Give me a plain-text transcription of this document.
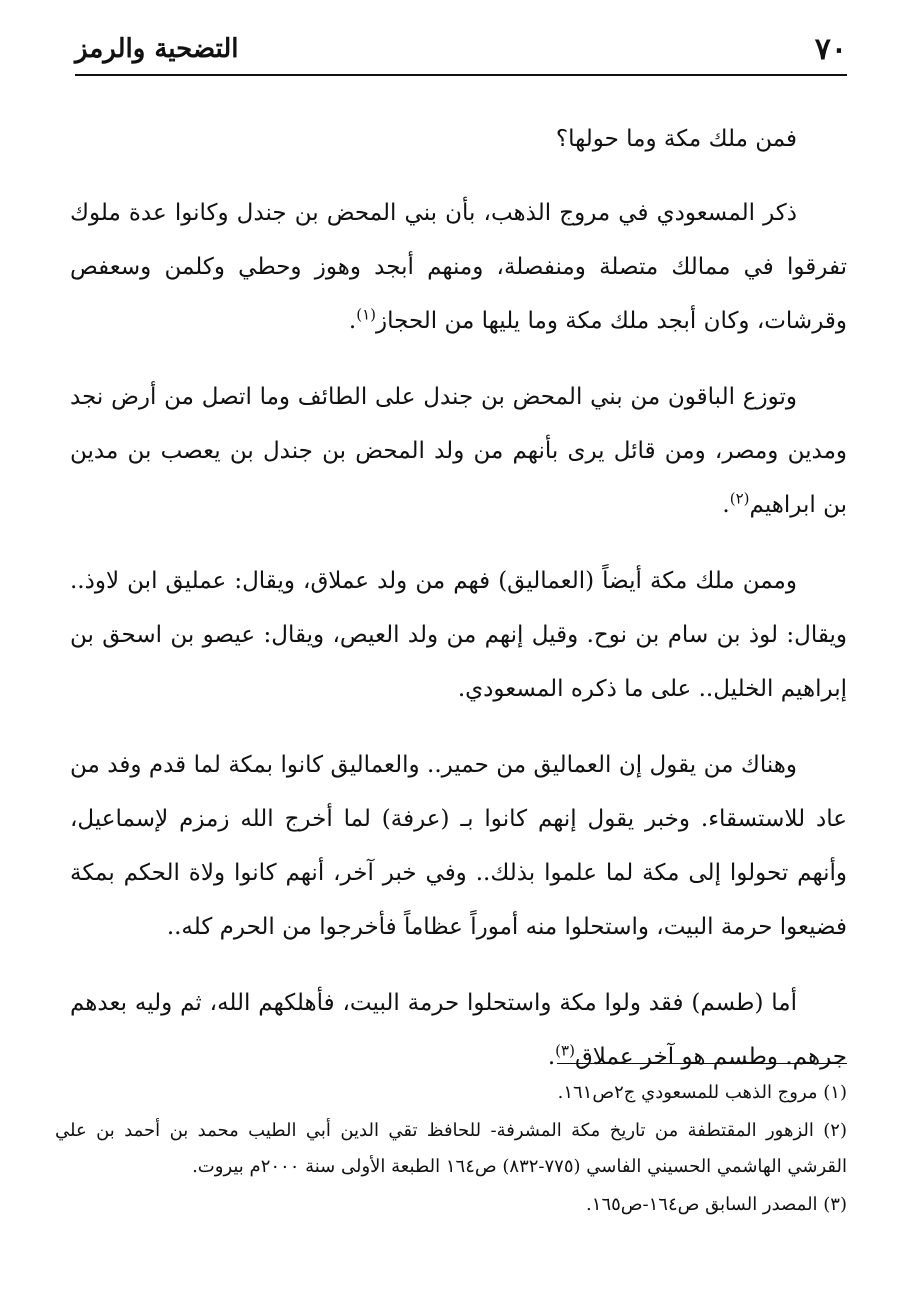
٧٠
التضحية والرمز

فمن ملك مكة وما حولها؟

ذكر المسعودي في مروج الذهب، بأن بني المحض بن جندل وكانوا عدة ملوك تفرقوا في ممالك متصلة ومنفصلة، ومنهم أبجد وهوز وحطي وكلمن وسعفص وقرشات، وكان أبجد ملك مكة وما يليها من الحجاز$^{(١)}$.

وتوزع الباقون من بني المحض بن جندل على الطائف وما اتصل من أرض نجد ومدين ومصر، ومن قائل يرى بأنهم من ولد المحض بن جندل بن يعصب بن مدين بن ابراهيم$^{(٢)}$.

وممن ملك مكة أيضاً (العماليق) فهم من ولد عملاق، ويقال: عمليق ابن لاوذ.. ويقال: لوذ بن سام بن نوح. وقيل إنهم من ولد العيص، ويقال: عيصو بن اسحق بن إبراهيم الخليل.. على ما ذكره المسعودي.

وهناك من يقول إن العماليق من حمير.. والعماليق كانوا بمكة لما قدم وفد من عاد للاستسقاء. وخبر يقول إنهم كانوا بـ (عرفة) لما أخرج الله زمزم لإسماعيل، وأنهم تحولوا إلى مكة لما علموا بذلك.. وفي خبر آخر، أنهم كانوا ولاة الحكم بمكة فضيعوا حرمة البيت، واستحلوا منه أموراً عظاماً فأخرجوا من الحرم كله..

أما (طسم) فقد ولوا مكة واستحلوا حرمة البيت، فأهلكهم الله، ثم وليه بعدهم جرهم. وطسم هو آخر عملاق$^{(٣)}$.

(١) مروج الذهب للمسعودي ج٢ص١٦١.

(٢) الزهور المقتطفة من تاريخ مكة المشرفة- للحافظ تقي الدين أبي الطيب محمد بن أحمد بن علي القرشي الهاشمي الحسيني الفاسي (٧٧٥-٨٣٢) ص١٦٤ الطبعة الأولى سنة ٢٠٠٠م بيروت.

(٣) المصدر السابق ص١٦٤-ص١٦٥.
